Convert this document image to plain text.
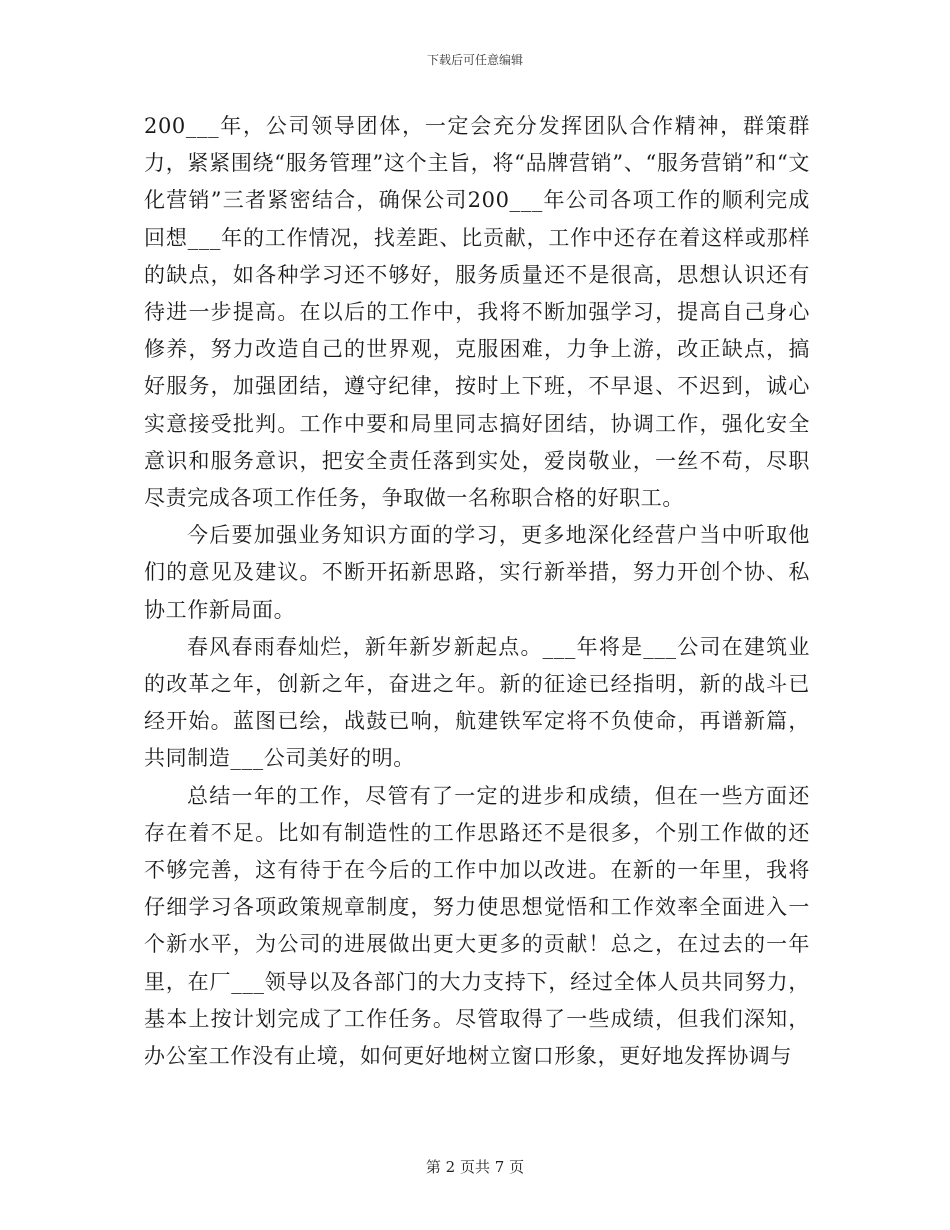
下载后可任意编辑

200___年，公司领导团体，一定会充分发挥团队合作精神，群策群力，紧紧围绕“服务管理”这个主旨，将“品牌营销”、“服务营销”和“文化营销”三者紧密结合，确保公司200___年公司各项工作的顺利完成回想___年的工作情况，找差距、比贡献，工作中还存在着这样或那样的缺点，如各种学习还不够好，服务质量还不是很高，思想认识还有待进一步提高。在以后的工作中，我将不断加强学习，提高自己身心修养，努力改造自己的世界观，克服困难，力争上游，改正缺点，搞好服务，加强团结，遵守纪律，按时上下班，不早退、不迟到，诚心实意接受批判。工作中要和局里同志搞好团结，协调工作，强化安全意识和服务意识，把安全责任落到实处，爱岗敬业，一丝不苟，尽职尽责完成各项工作任务，争取做一名称职合格的好职工。

今后要加强业务知识方面的学习，更多地深化经营户当中听取他们的意见及建议。不断开拓新思路，实行新举措，努力开创个协、私协工作新局面。

春风春雨春灿烂，新年新岁新起点。___年将是___公司在建筑业的改革之年，创新之年，奋进之年。新的征途已经指明，新的战斗已经开始。蓝图已绘，战鼓已响，航建铁军定将不负使命，再谱新篇，共同制造___公司美好的明。

总结一年的工作，尽管有了一定的进步和成绩，但在一些方面还存在着不足。比如有制造性的工作思路还不是很多，个别工作做的还不够完善，这有待于在今后的工作中加以改进。在新的一年里，我将仔细学习各项政策规章制度，努力使思想觉悟和工作效率全面进入一个新水平，为公司的进展做出更大更多的贡献！总之，在过去的一年里，在厂___领导以及各部门的大力支持下，经过全体人员共同努力，基本上按计划完成了工作任务。尽管取得了一些成绩，但我们深知，办公室工作没有止境，如何更好地树立窗口形象，更好地发挥协调与

第 2 页共 7 页
